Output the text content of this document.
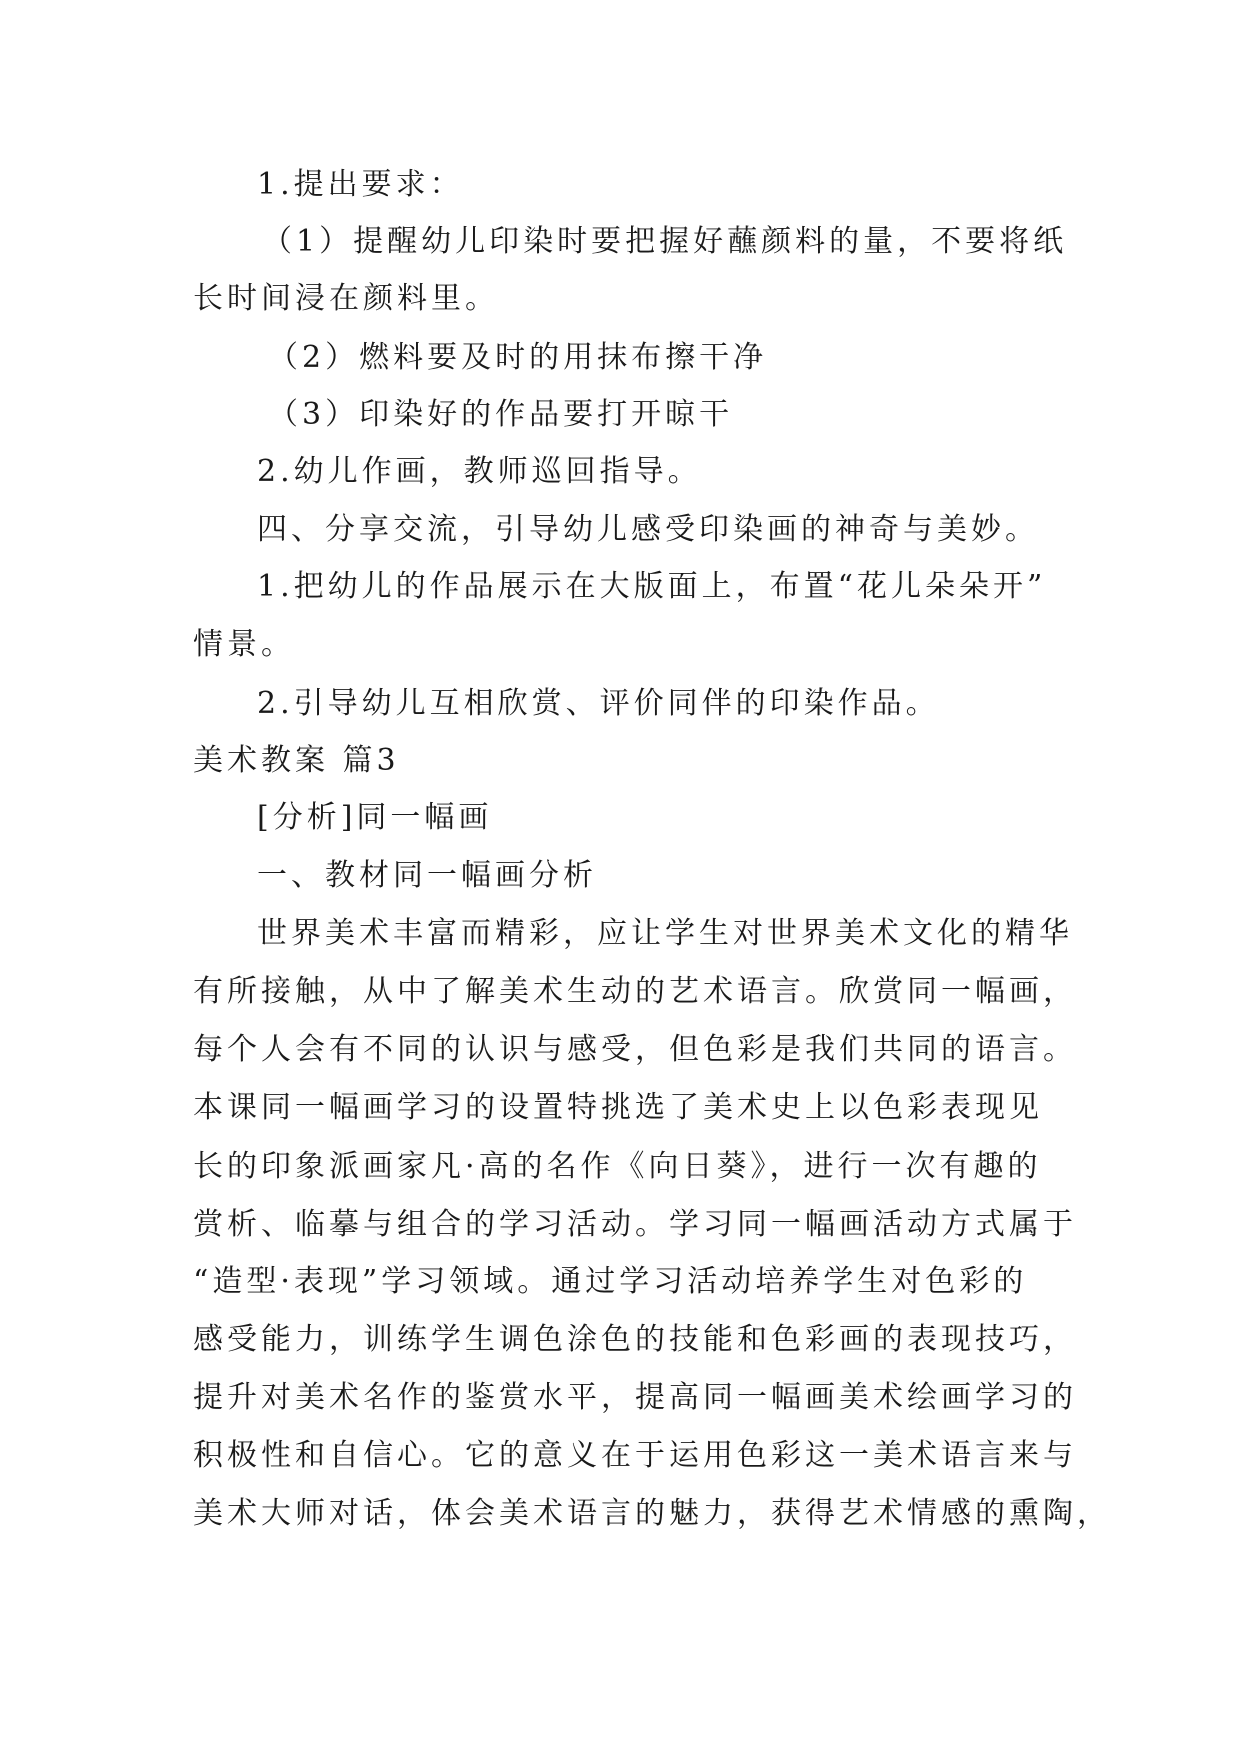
1.提出要求：
（1）提醒幼儿印染时要把握好蘸颜料的量，不要将纸
长时间浸在颜料里。
（2）燃料要及时的用抹布擦干净
（3）印染好的作品要打开晾干
2.幼儿作画，教师巡回指导。
四、分享交流，引导幼儿感受印染画的神奇与美妙。
1.把幼儿的作品展示在大版面上，布置“花儿朵朵开”
情景。
2.引导幼儿互相欣赏、评价同伴的印染作品。
美术教案 篇3
[分析]同一幅画
一、教材同一幅画分析
世界美术丰富而精彩，应让学生对世界美术文化的精华
有所接触，从中了解美术生动的艺术语言。欣赏同一幅画，
每个人会有不同的认识与感受，但色彩是我们共同的语言。
本课同一幅画学习的设置特挑选了美术史上以色彩表现见
长的印象派画家凡·高的名作《向日葵》，进行一次有趣的
赏析、临摹与组合的学习活动。学习同一幅画活动方式属于
“造型·表现”学习领域。通过学习活动培养学生对色彩的
感受能力，训练学生调色涂色的技能和色彩画的表现技巧，
提升对美术名作的鉴赏水平，提高同一幅画美术绘画学习的
积极性和自信心。它的意义在于运用色彩这一美术语言来与
美术大师对话，体会美术语言的魅力，获得艺术情感的熏陶，
